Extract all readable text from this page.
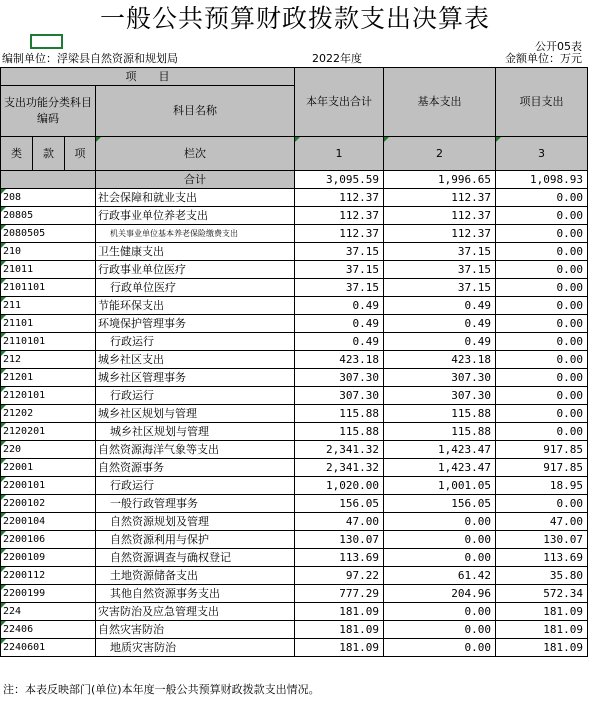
一般公共预算财政拨款支出决算表
公开05表
编制单位：浮梁县自然资源和规划局	2022年度	金额单位：万元
项　　目				本年支出合计	基本支出	项目支出
支出功能分类科目编码			科目名称			

类	款	项				
			栏次	1	2	3
			合计	3,095.59	1,996.65	1,098.93
208			社会保障和就业支出	112.37	112.37	0.00
20805			行政事业单位养老支出	112.37	112.37	0.00
2080505			机关事业单位基本养老保险缴费支出	112.37	112.37	0.00
210			卫生健康支出	37.15	37.15	0.00
21011			行政事业单位医疗	37.15	37.15	0.00
2101101			行政单位医疗	37.15	37.15	0.00
211			节能环保支出	0.49	0.49	0.00
21101			环境保护管理事务	0.49	0.49	0.00
2110101			行政运行	0.49	0.49	0.00
212			城乡社区支出	423.18	423.18	0.00
21201			城乡社区管理事务	307.30	307.30	0.00
2120101			行政运行	307.30	307.30	0.00
21202			城乡社区规划与管理	115.88	115.88	0.00
2120201			城乡社区规划与管理	115.88	115.88	0.00
220			自然资源海洋气象等支出	2,341.32	1,423.47	917.85
22001			自然资源事务	2,341.32	1,423.47	917.85
2200101			行政运行	1,020.00	1,001.05	18.95
2200102			一般行政管理事务	156.05	156.05	0.00
2200104			自然资源规划及管理	47.00	0.00	47.00
2200106			自然资源利用与保护	130.07	0.00	130.07
2200109			自然资源调查与确权登记	113.69	0.00	113.69
2200112			土地资源储备支出	97.22	61.42	35.80
2200199			其他自然资源事务支出	777.29	204.96	572.34
224			灾害防治及应急管理支出	181.09	0.00	181.09
22406			自然灾害防治	181.09	0.00	181.09
2240601			地质灾害防治	181.09	0.00	181.09
注：本表反映部门(单位)本年度一般公共预算财政拨款支出情况。
